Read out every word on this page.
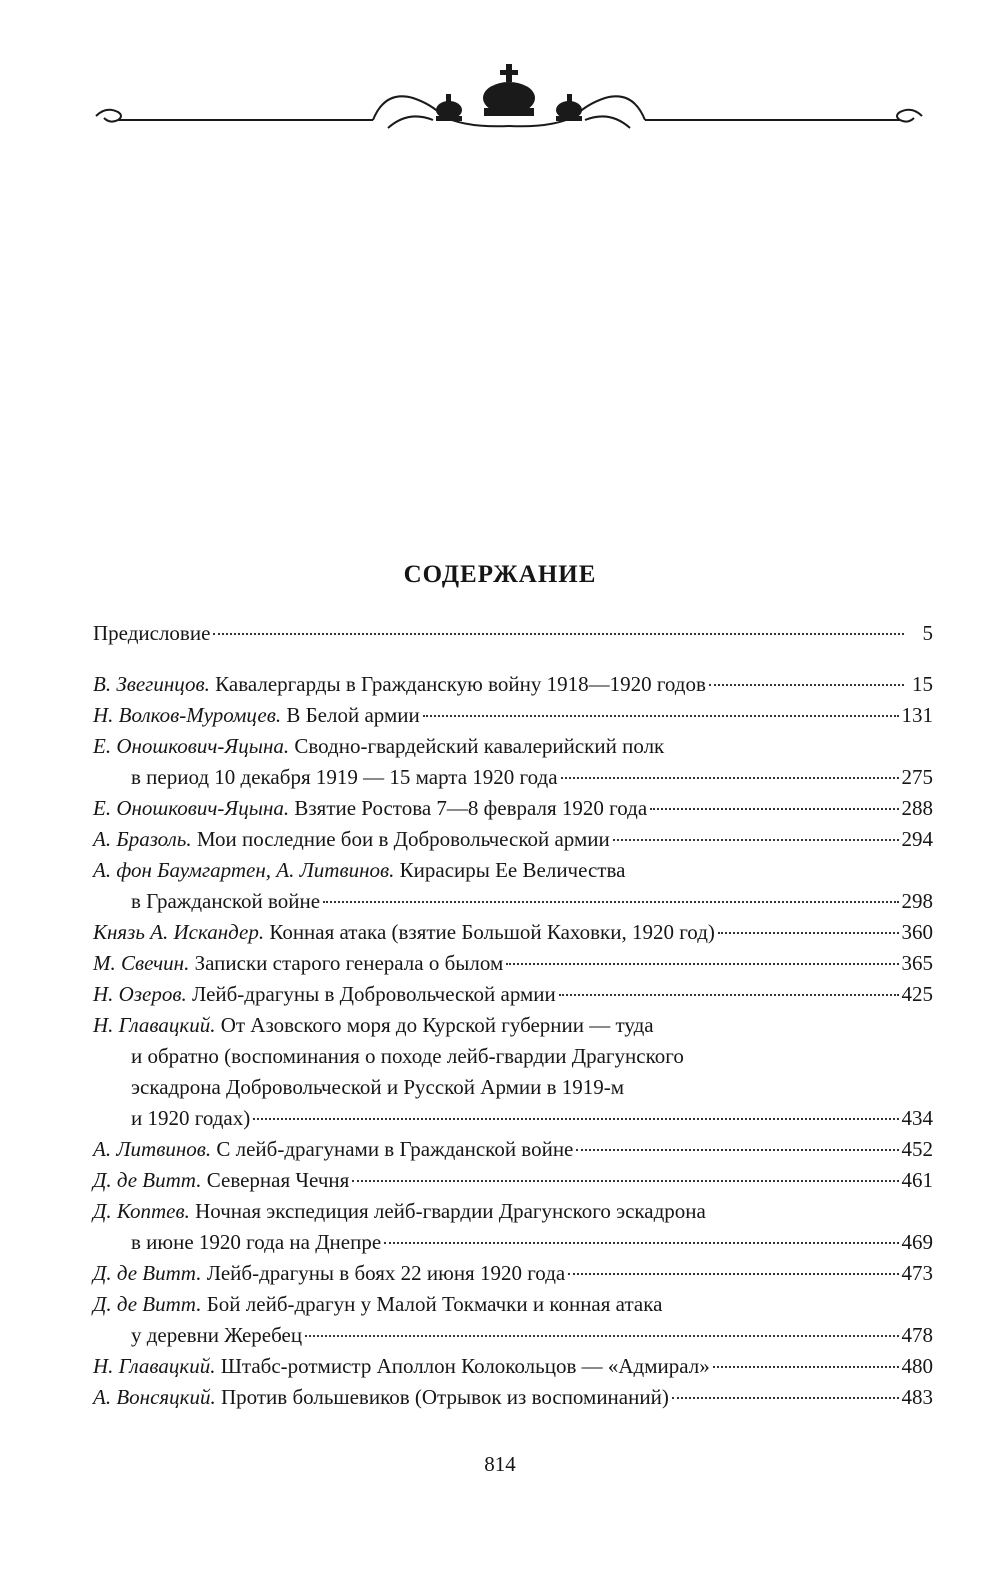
СОДЕРЖАНИЕ
Предисловие	5
В. Звегинцов.
Кавалергарды в Гражданскую войну 1918—1920 годов	15
Н. Волков-Муромцев.
В Белой армии	131
Е. Оношкович-Яцына.
Сводно-гвардейский кавалерийский полк
в период 10 декабря 1919 — 15 марта 1920 года	275
Е. Оношкович-Яцына.
Взятие Ростова 7—8 февраля 1920 года	288
А. Бразоль.
Мои последние бои в Добровольческой армии	294
А. фон Баумгартен, А. Литвинов.
Кирасиры Ее Величества
в Гражданской войне	298
Князь А. Искандер.
Конная атака (взятие Большой Каховки, 1920 год)	360
М. Свечин.
Записки старого генерала о былом	365
Н. Озеров.
Лейб-драгуны в Добровольческой армии	425
Н. Главацкий.
От Азовского моря до Курской губернии — туда
и обратно (воспоминания о походе лейб-гвардии Драгунского
эскадрона Добровольческой и Русской Армии в 1919-м
и 1920 годах)	434
А. Литвинов.
С лейб-драгунами в Гражданской войне	452
Д. де Витт.
Северная Чечня	461
Д. Коптев.
Ночная экспедиция лейб-гвардии Драгунского эскадрона
в июне 1920 года на Днепре	469
Д. де Витт.
Лейб-драгуны в боях 22 июня 1920 года	473
Д. де Витт.
Бой лейб-драгун у Малой Токмачки и конная атака
у деревни Жеребец	478
Н. Главацкий.
Штабс-ротмистр Аполлон Колокольцов — «Адмирал»	480
А. Вонсяцкий.
Против большевиков (Отрывок из воспоминаний)	483
814
